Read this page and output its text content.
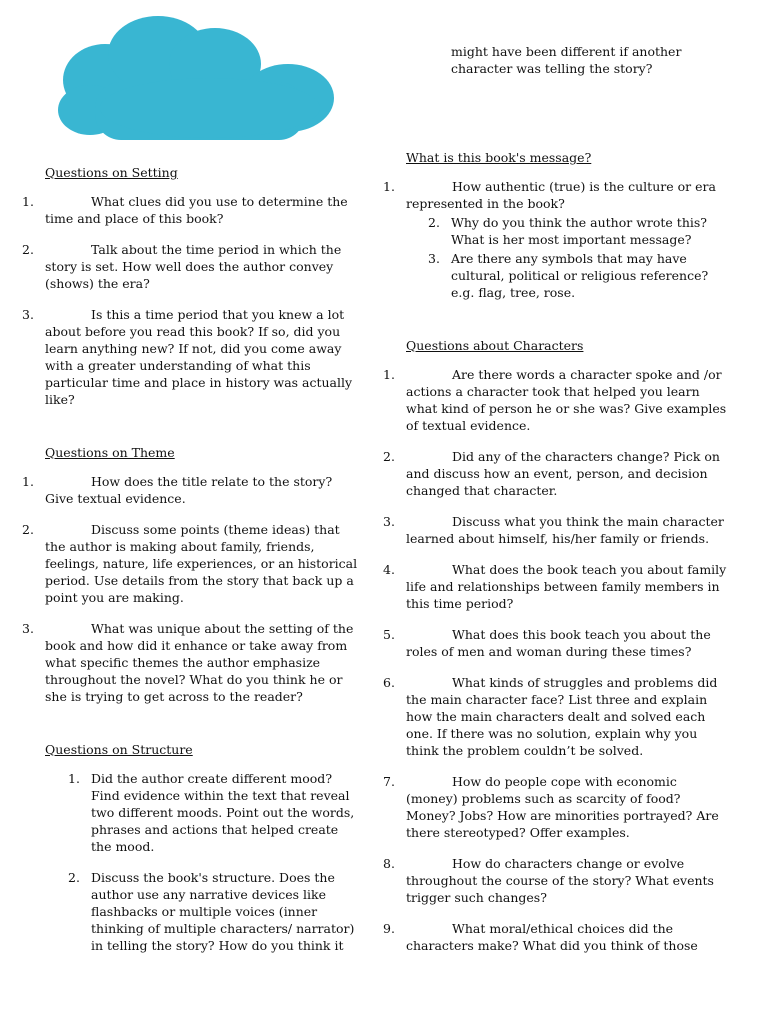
Questions on Setting

1.	What clues did you use to determine the time and place of this book?
2.	Talk about the time period in which the story is set. How well does the author convey (shows) the era?
3.	Is this a time period that you knew a lot about before you read this book? If so, did you learn anything new? If not, did you come away with a greater understanding of what this particular time and place in history was actually like?

Questions on Theme

1.	How does the title relate to the story? Give textual evidence.
2.	Discuss some points (theme ideas) that the author is making about family, friends, feelings, nature, life experiences, or an historical period. Use details from the story that back up a point you are making.
3.	What was unique about the setting of the book and how did it enhance or take away from what specific themes the author emphasize throughout the novel? What do you think he or she is trying to get across to the reader?

Questions on Structure

1. Did the author create different mood? Find evidence within the text that reveal two different moods. Point out the words, phrases and actions that helped create the mood.
2. Discuss the book's structure. Does the author use any narrative devices like flashbacks or multiple voices (inner thinking of multiple characters/ narrator) in telling the story? How do you think it

might have been different if another character was telling the story?

What is this book's message?

1.	How authentic (true) is the culture or era represented in the book?
2. Why do you think the author wrote this? What is her most important message?
3. Are there any symbols that may have cultural, political or religious reference? e.g. flag, tree, rose.

Questions about Characters

1.	Are there words a character spoke and /or actions a character took that helped you learn what kind of person he or she was? Give examples of textual evidence.
2.	Did any of the characters change? Pick on and discuss how an event, person, and decision changed that character.
3.	Discuss what you think the main character learned about himself, his/her family or friends.
4.	What does the book teach you about family life and relationships between family members in this time period?
5.	What does this book teach you about the roles of men and woman during these times?
6.	What kinds of struggles and problems did the main character face? List three and explain how the main characters dealt and solved each one. If there was no solution, explain why you think the problem couldn’t be solved.
7.	How do people cope with economic (money) problems such as scarcity of food? Money? Jobs? How are minorities portrayed? Are there stereotyped? Offer examples.
8.	How do characters change or evolve throughout the course of the story? What events trigger such changes?
9.	What moral/ethical choices did the characters make? What did you think of those
